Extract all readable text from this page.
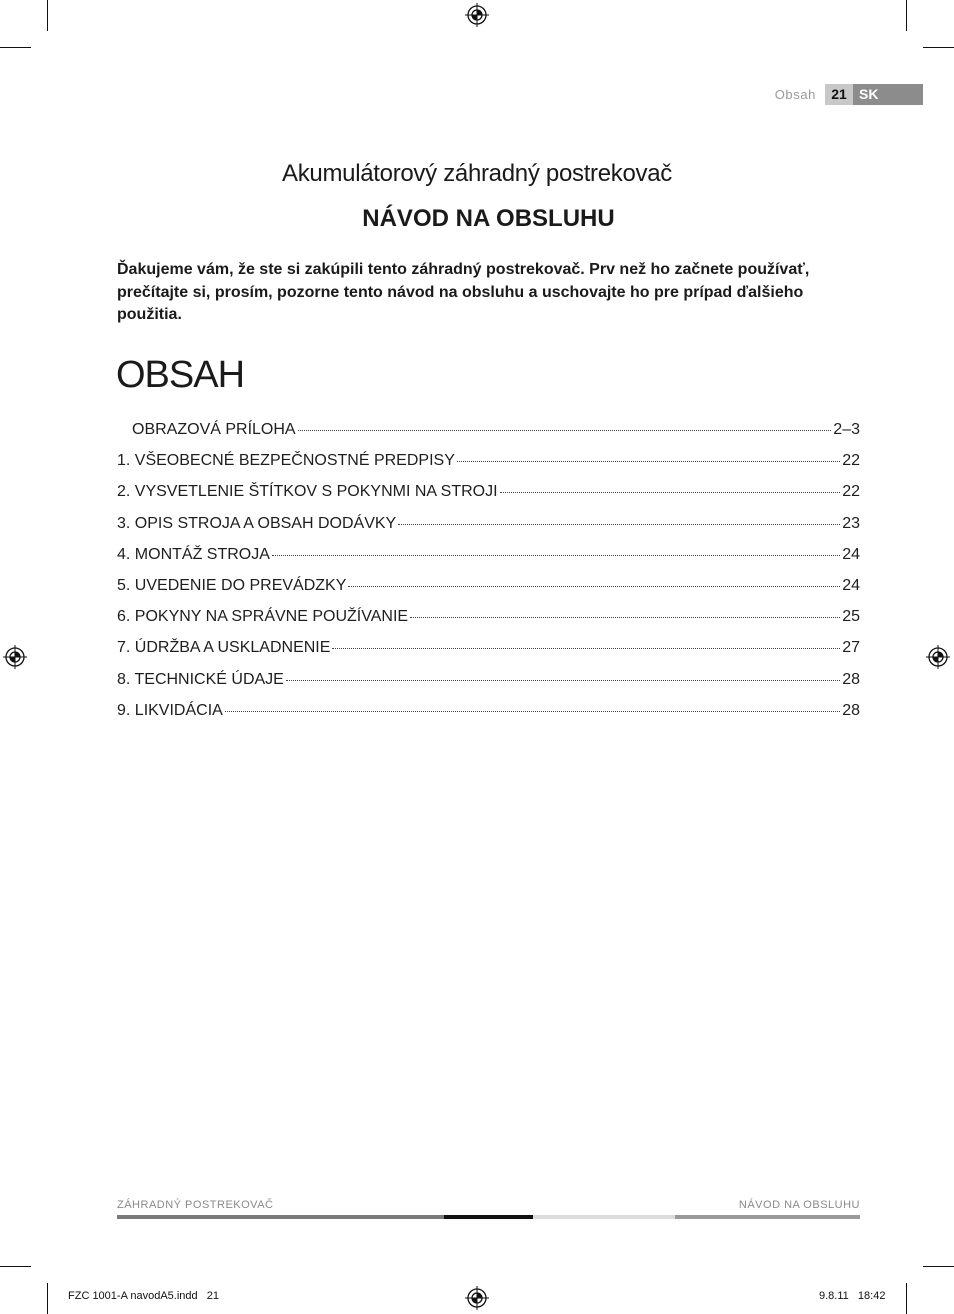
Obsah	21 SK
Akumulátorový záhradný postrekovač
NÁVOD NA OBSLUHU
Ďakujeme vám, že ste si zakúpili tento záhradný postrekovač. Prv než ho začnete používať, prečítajte si, prosím, pozorne tento návod na obsluhu a uschovajte ho pre prípad ďalšieho použitia.
OBSAH
OBRAZOVÁ PRÍLOHA	2–3
1. VŠEOBECNÉ BEZPEČNOSTNÉ PREDPISY	22
2. VYSVETLENIE ŠTÍTKOV S POKYNMI NA STROJI	22
3. OPIS STROJA A OBSAH DODÁVKY	23
4. MONTÁŽ STROJA	24
5. UVEDENIE DO PREVÁDZKY	24
6. POKYNY NA SPRÁVNE POUŽÍVANIE	25
7. ÚDRŽBA A USKLADNENIE	27
8. TECHNICKÉ ÚDAJE	28
9. LIKVIDÁCIA	28
ZÁHRADNÝ POSTREKOVAČ	NÁVOD NA OBSLUHU
FZC 1001-A navodA5.indd   21	9.8.11   18:42
